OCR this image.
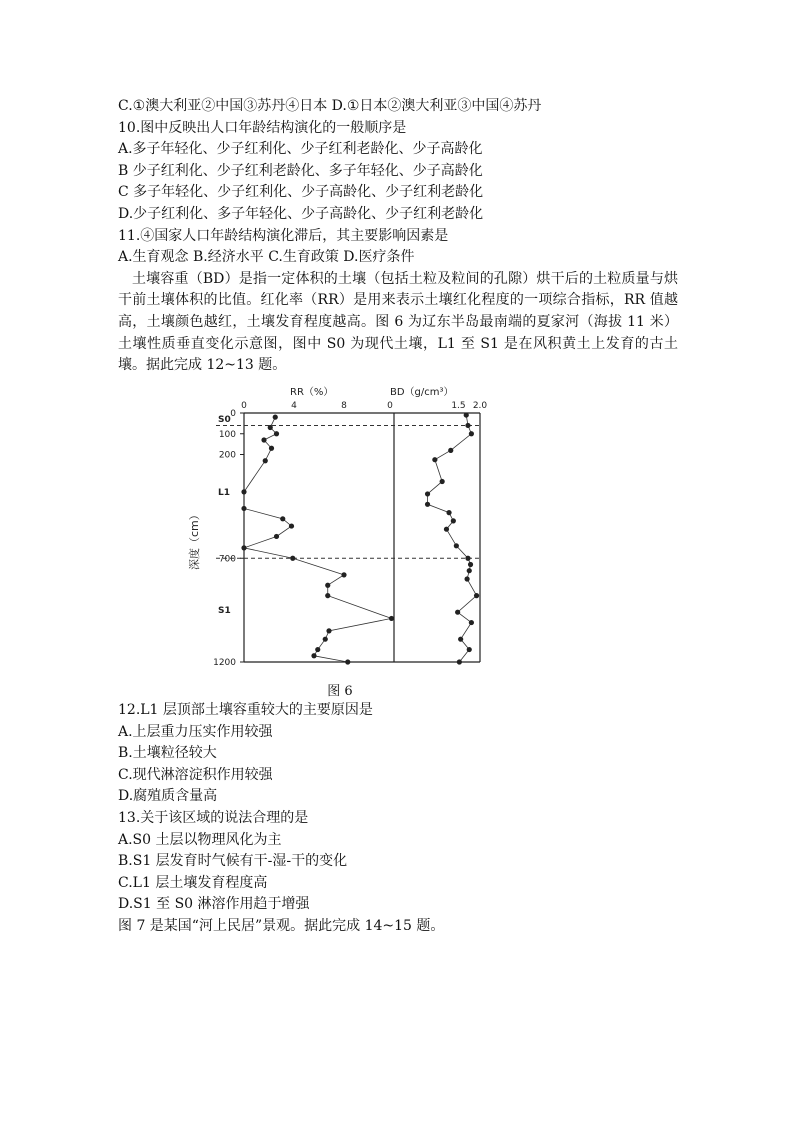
C.①澳大利亚②中国③苏丹④日本 D.①日本②澳大利亚③中国④苏丹
10.图中反映出人口年龄结构演化的一般顺序是
A.多子年轻化、少子红利化、少子红利老龄化、少子高龄化
B 少子红利化、少子红利老龄化、多子年轻化、少子高龄化
C 多子年轻化、少子红利化、少子高龄化、少子红利老龄化
D.少子红利化、多子年轻化、少子高龄化、少子红利老龄化
11.④国家人口年龄结构演化滞后，其主要影响因素是
A.生育观念 B.经济水平 C.生育政策 D.医疗条件
土壤容重（BD）是指一定体积的土壤（包括土粒及粒间的孔隙）烘干后的土粒质量与烘干前土壤体积的比值。红化率（RR）是用来表示土壤红化程度的一项综合指标，RR 值越高，土壤颜色越红，土壤发育程度越高。图 6 为辽东半岛最南端的夏家河（海拔 11 米）土壤性质垂直变化示意图，图中 S0 为现代土壤，L1 至 S1 是在风积黄土上发育的古土壤。据此完成 12~13 题。
0
100
200
700
1200
0	4	8	0	1.5 2.0
S0
L1
S1
RR（%）	BD（g/cm³）
深度（cm）
图 6
12.L1 层顶部土壤容重较大的主要原因是
A.上层重力压实作用较强
B.土壤粒径较大
C.现代淋溶淀积作用较强
D.腐殖质含量高
13.关于该区域的说法合理的是
A.S0 土层以物理风化为主
B.S1 层发育时气候有干-湿-干的变化
C.L1 层土壤发育程度高
D.S1 至 S0 淋溶作用趋于增强
图 7 是某国“河上民居”景观。据此完成 14~15 题。
